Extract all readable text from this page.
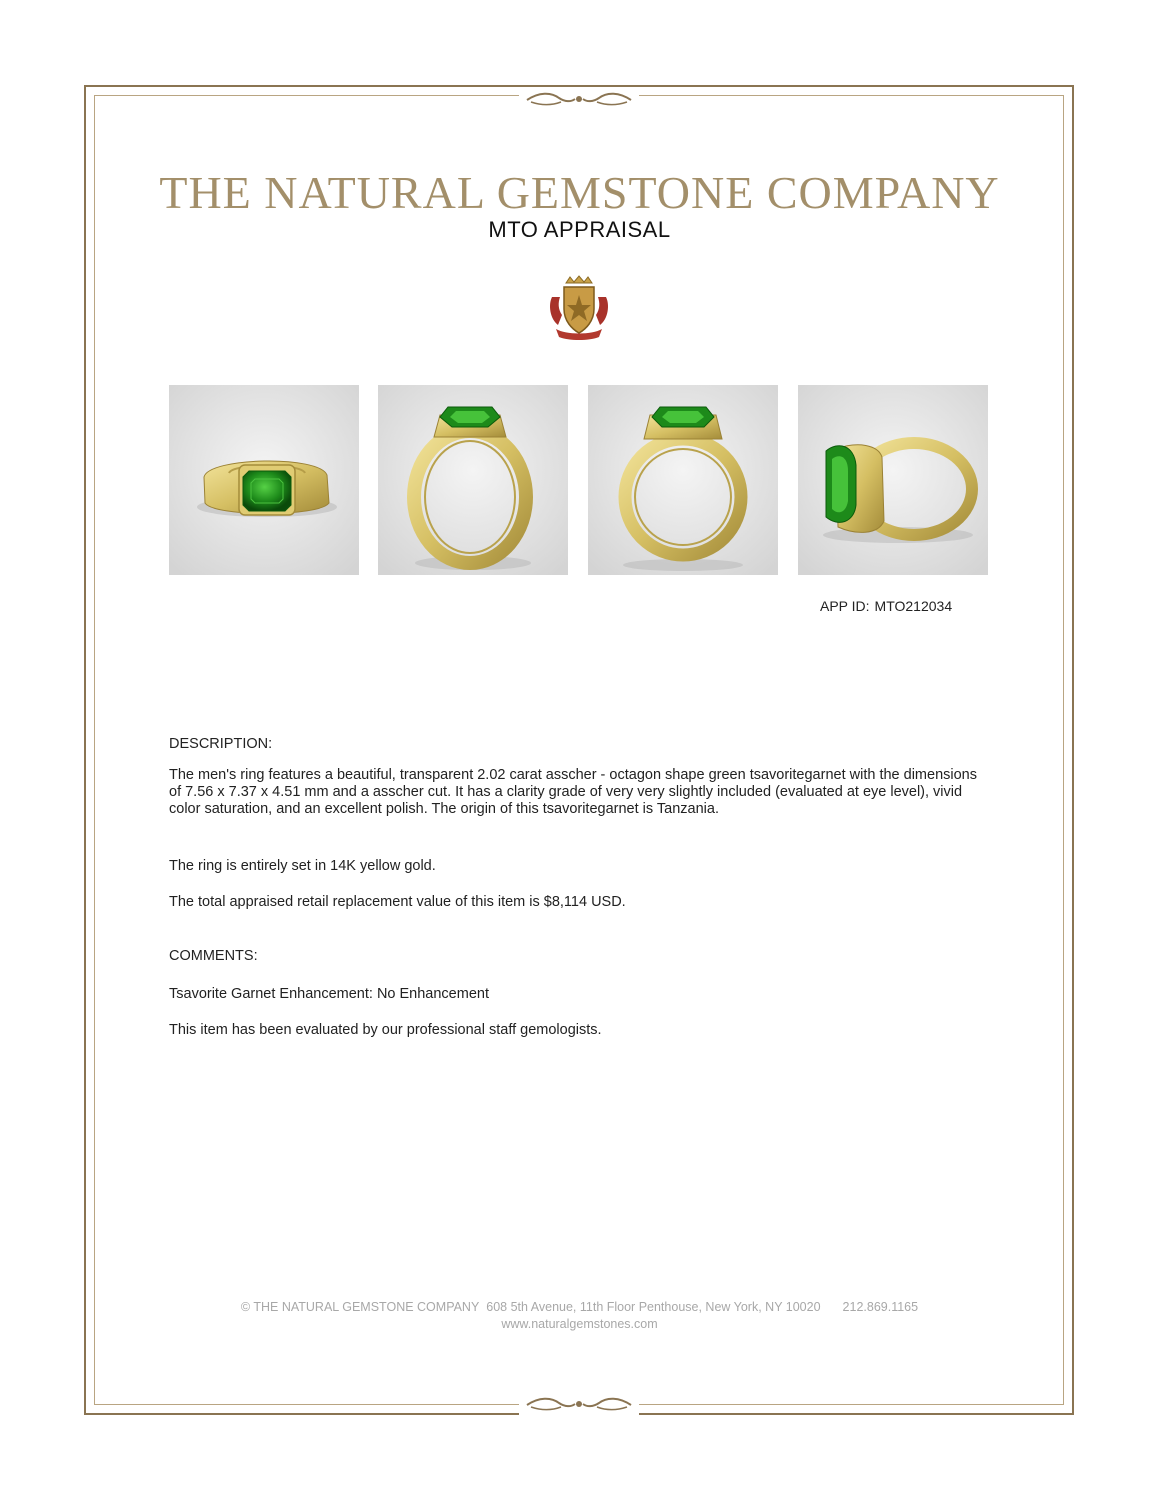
THE NATURAL GEMSTONE COMPANY
MTO APPRAISAL
APP ID: MTO212034
DESCRIPTION:
The men's ring features a beautiful, transparent 2.02 carat asscher - octagon shape green tsavoritegarnet with the dimensions of 7.56 x 7.37 x 4.51 mm and a asscher cut. It has a clarity grade of very very slightly included (evaluated at eye level), vivid color saturation, and an excellent polish. The origin of this tsavoritegarnet is Tanzania.
The ring is entirely set in 14K yellow gold.
The total appraised retail replacement value of this item is $8,114 USD.
COMMENTS:
Tsavorite Garnet Enhancement: No Enhancement
This item has been evaluated by our professional staff gemologists.
© THE NATURAL GEMSTONE COMPANY 608 5th Avenue, 11th Floor Penthouse, New York, NY 10020 212.869.1165
www.naturalgemstones.com
